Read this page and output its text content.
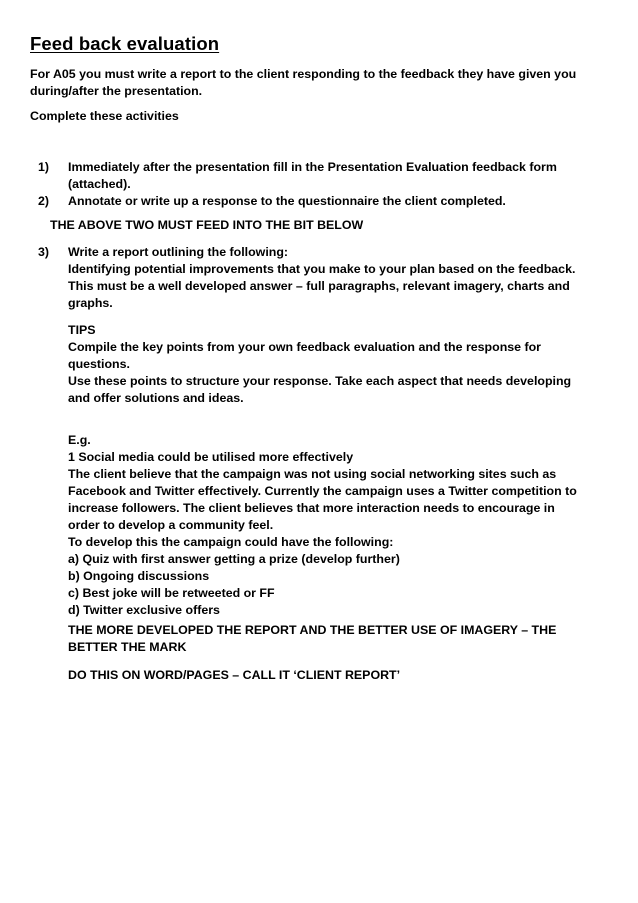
Feed back evaluation
For A05 you must write a report to the client responding to the feedback they have given you
during/after the presentation.
Complete these activities
1) Immediately after the presentation fill in the Presentation Evaluation feedback form
(attached).
2) Annotate or write up a response to the questionnaire the client completed.
THE ABOVE TWO MUST FEED INTO THE BIT BELOW
3) Write a report outlining the following:
Identifying potential improvements that you make to your plan based on the feedback.
This must be a well developed answer – full paragraphs, relevant imagery, charts and
graphs.
TIPS
Compile the key points from your own feedback evaluation and the response for
questions.
Use these points to structure your response. Take each aspect that needs developing
and offer solutions and ideas.
E.g.
1 Social media could be utilised more effectively
The client believe that the campaign was not using social networking sites such as
Facebook and Twitter effectively. Currently the campaign uses a Twitter competition to
increase followers. The client believes that more interaction needs to encourage in
order to develop a community feel.
To develop this the campaign could have the following:
a) Quiz with first answer getting a prize (develop further)
b) Ongoing discussions
c) Best joke will be retweeted or FF
d) Twitter exclusive offers
THE MORE DEVELOPED THE REPORT AND THE BETTER USE OF IMAGERY – THE
BETTER THE MARK
DO THIS ON WORD/PAGES – CALL IT ‘CLIENT REPORT’
